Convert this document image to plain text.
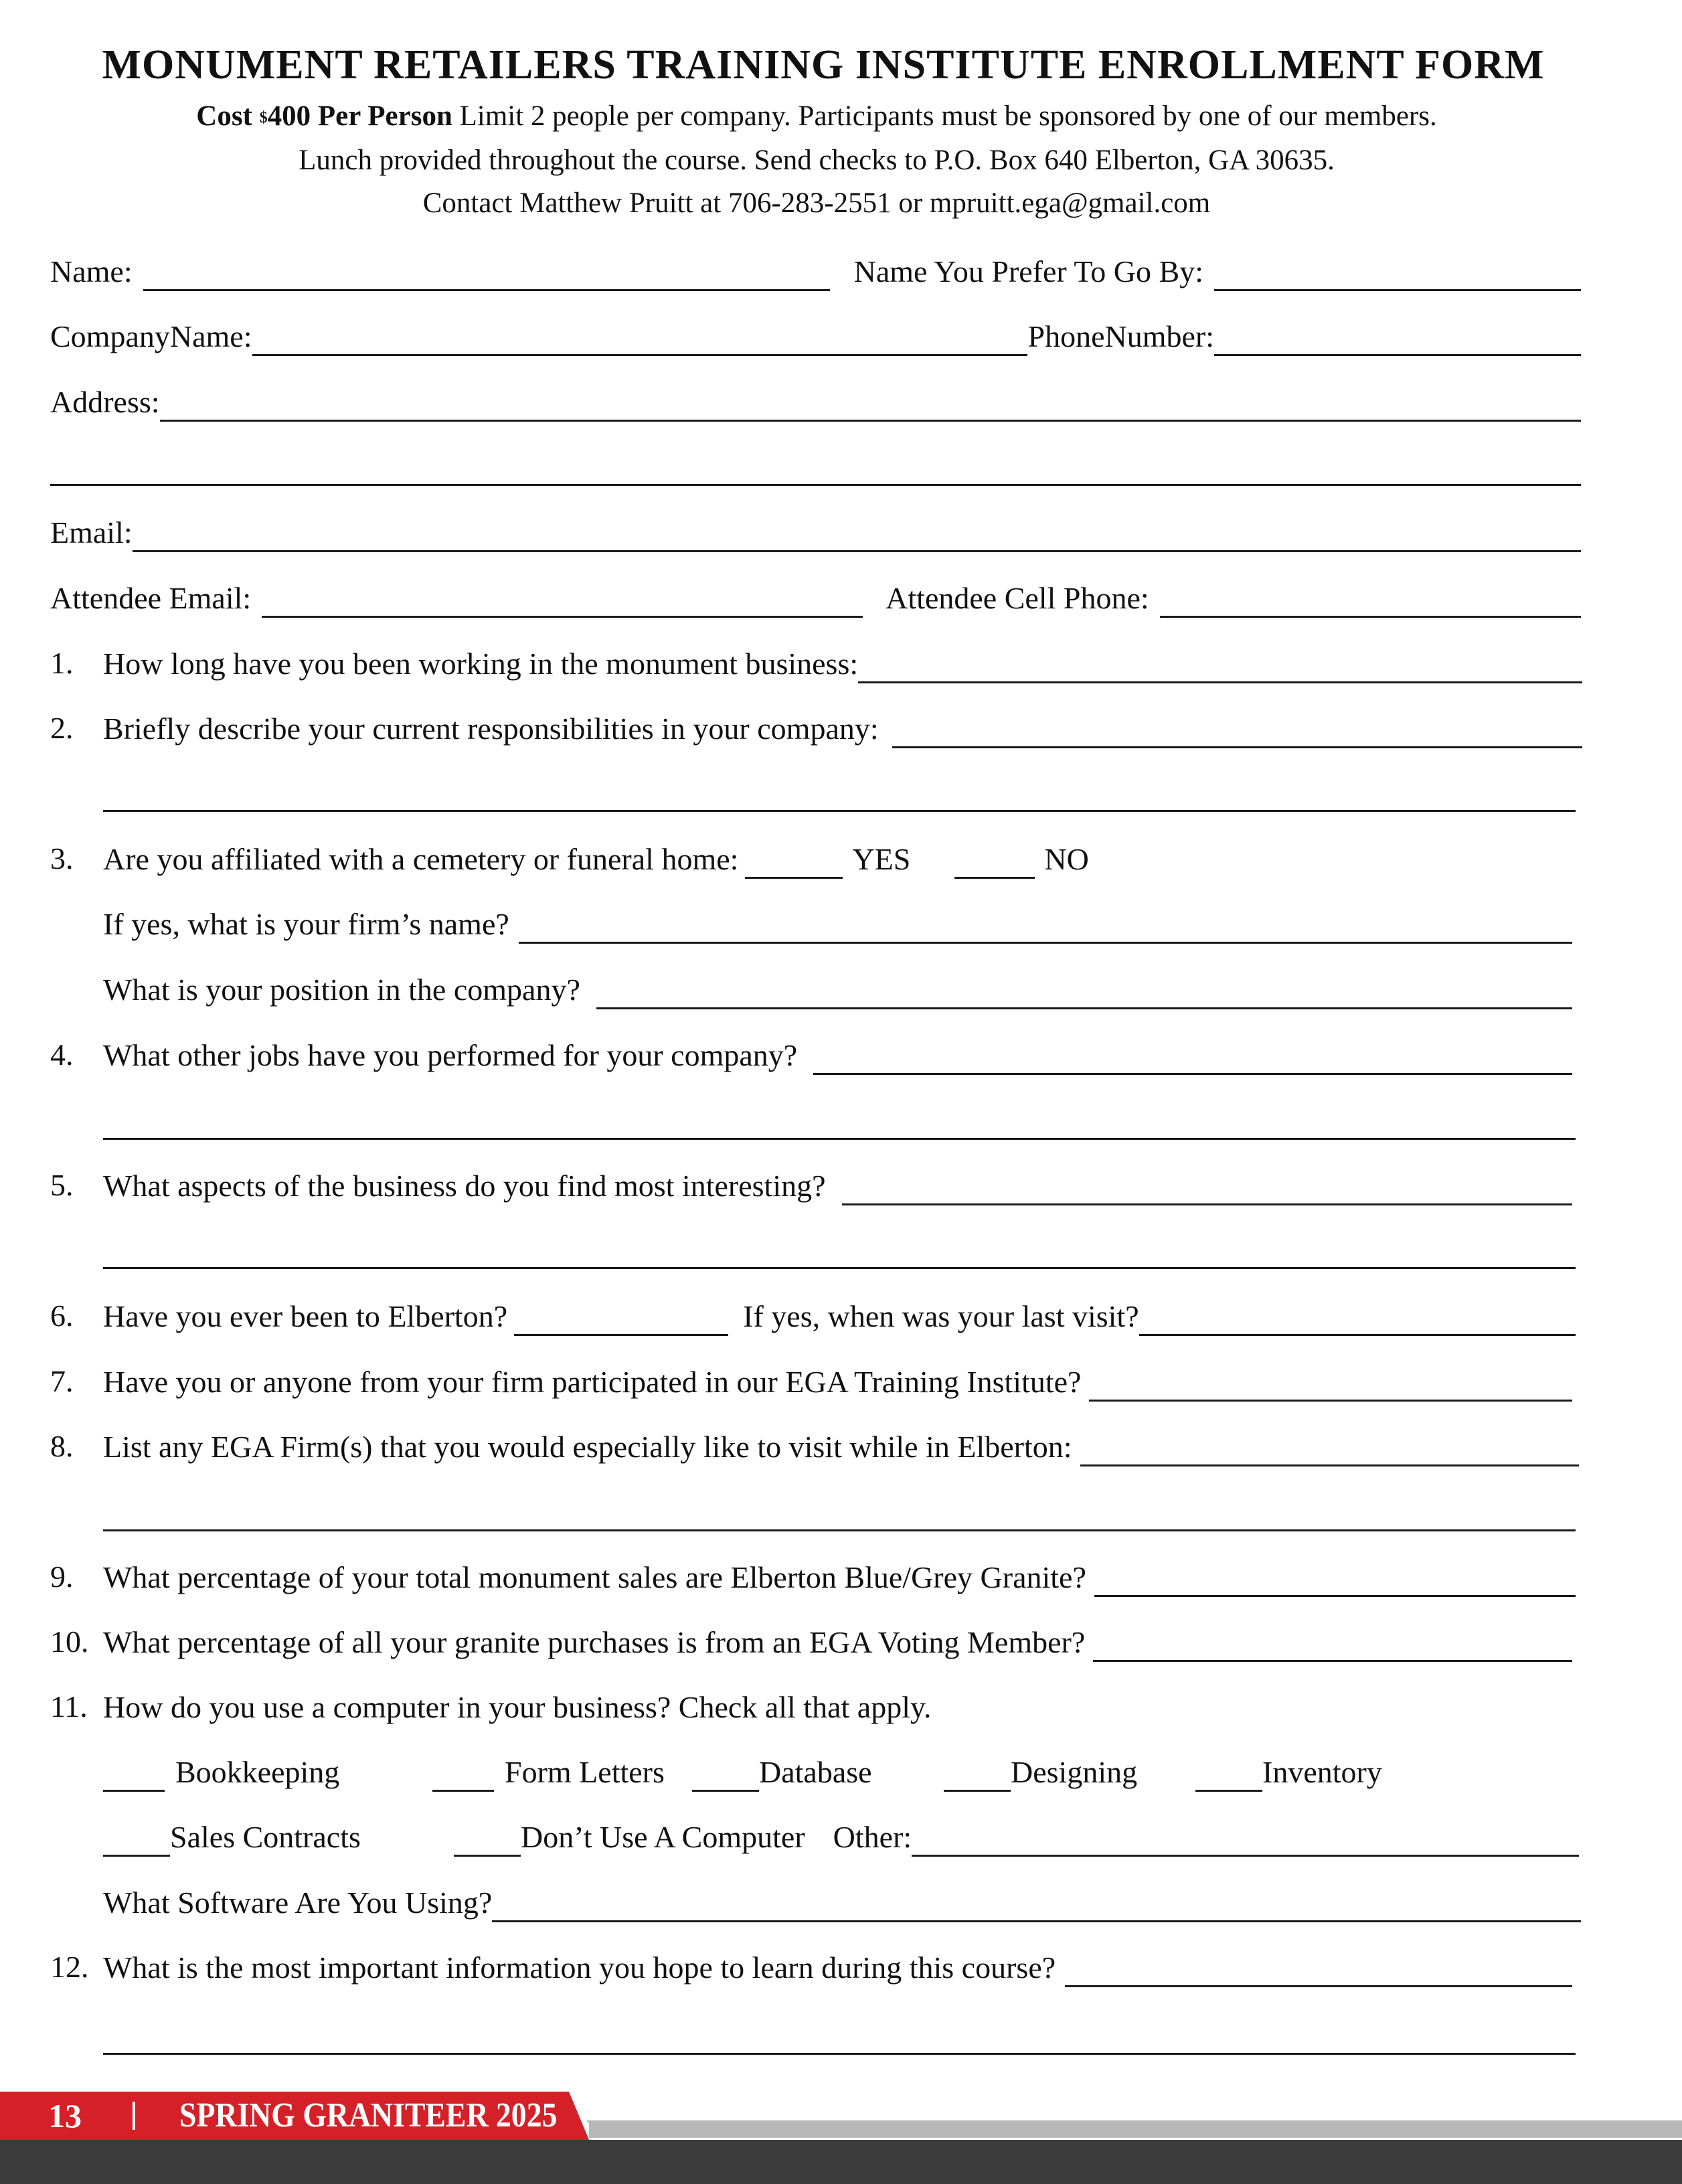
MONUMENT RETAILERS TRAINING INSTITUTE ENROLLMENT FORM

Cost $400 Per Person Limit 2 people per company. Participants must be sponsored by one of our members.

Lunch provided throughout the course. Send checks to P.O. Box 640 Elberton, GA 30635.

Contact Matthew Pruitt at 706-283-2551 or mpruitt.ega@gmail.com

Name:	Name You Prefer To Go By:
CompanyName:	PhoneNumber:
Address:
Email:
Attendee Email:	Attendee Cell Phone:
1. How long have you been working in the monument business:
2. Briefly describe your current responsibilities in your company:
3. Are you affiliated with a cemetery or funeral home:	YES	NO
If yes, what is your firm’s name?
What is your position in the company?
4. What other jobs have you performed for your company?
5. What aspects of the business do you find most interesting?
6. Have you ever been to Elberton?	If yes, when was your last visit?
7. Have you or anyone from your firm participated in our EGA Training Institute?
8. List any EGA Firm(s) that you would especially like to visit while in Elberton:
9. What percentage of your total monument sales are Elberton Blue/Grey Granite?
10. What percentage of all your granite purchases is from an EGA Voting Member?
11. How do you use a computer in your business? Check all that apply.
Bookkeeping	Form Letters	Database	Designing	Inventory
Sales Contracts	Don’t Use A Computer Other:
What Software Are You Using?
12. What is the most important information you hope to learn during this course?
13	SPRING GRANITEER 2025
